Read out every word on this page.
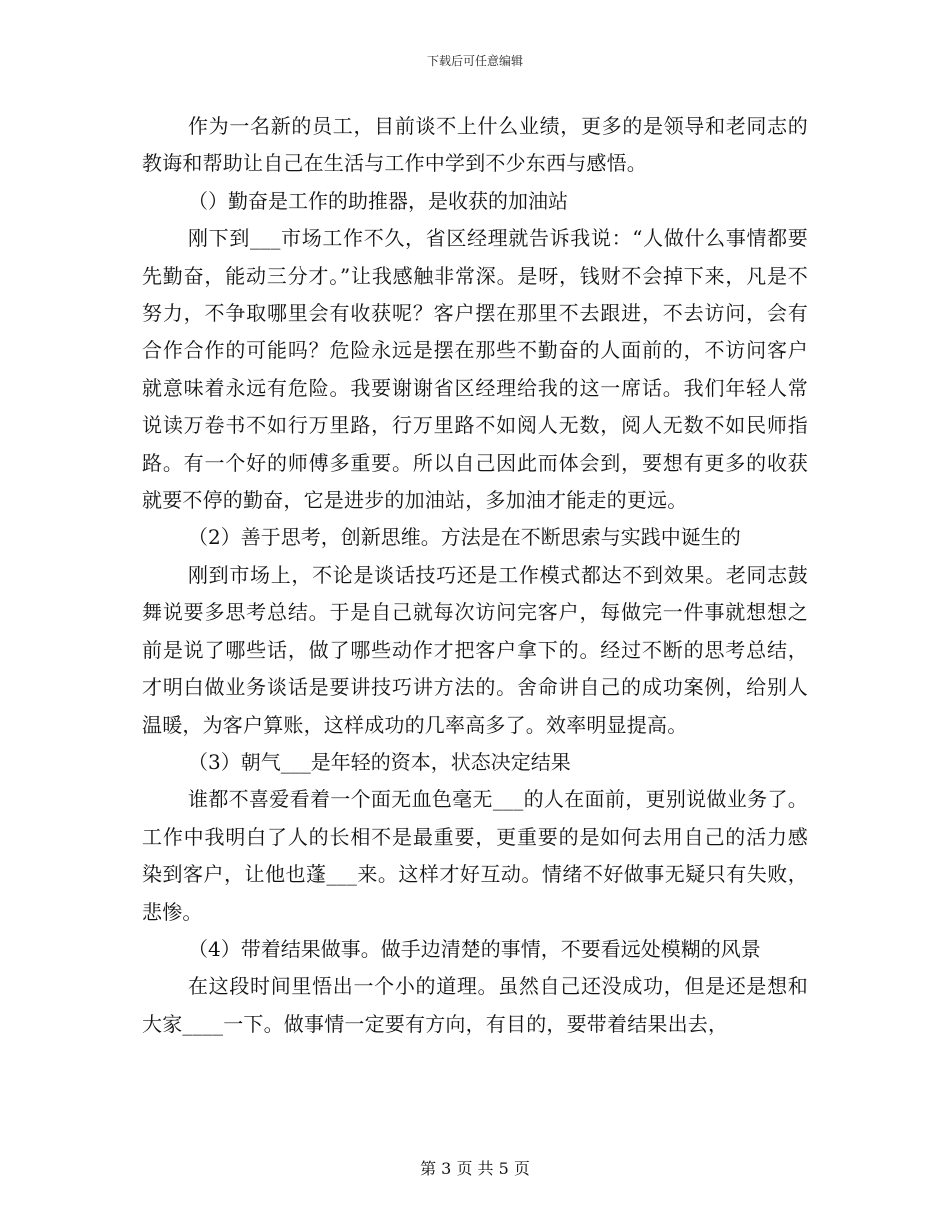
下载后可任意编辑

作为一名新的员工，目前谈不上什么业绩，更多的是领导和老同志的教诲和帮助让自己在生活与工作中学到不少东西与感悟。

（）勤奋是工作的助推器，是收获的加油站

刚下到___市场工作不久，省区经理就告诉我说：“人做什么事情都要先勤奋，能动三分才。”让我感触非常深。是呀，钱财不会掉下来，凡是不努力，不争取哪里会有收获呢？客户摆在那里不去跟进，不去访问，会有合作合作的可能吗？危险永远是摆在那些不勤奋的人面前的，不访问客户就意味着永远有危险。我要谢谢省区经理给我的这一席话。我们年轻人常说读万卷书不如行万里路，行万里路不如阅人无数，阅人无数不如民师指路。有一个好的师傅多重要。所以自己因此而体会到，要想有更多的收获就要不停的勤奋，它是进步的加油站，多加油才能走的更远。

（2）善于思考，创新思维。方法是在不断思索与实践中诞生的

刚到市场上，不论是谈话技巧还是工作模式都达不到效果。老同志鼓舞说要多思考总结。于是自己就每次访问完客户，每做完一件事就想想之前是说了哪些话，做了哪些动作才把客户拿下的。经过不断的思考总结，才明白做业务谈话是要讲技巧讲方法的。舍命讲自己的成功案例，给别人温暖，为客户算账，这样成功的几率高多了。效率明显提高。

（3）朝气___是年轻的资本，状态决定结果

谁都不喜爱看着一个面无血色毫无___的人在面前，更别说做业务了。工作中我明白了人的长相不是最重要，更重要的是如何去用自己的活力感染到客户，让他也蓬___来。这样才好互动。情绪不好做事无疑只有失败，悲惨。

（4）带着结果做事。做手边清楚的事情，不要看远处模糊的风景

在这段时间里悟出一个小的道理。虽然自己还没成功，但是还是想和大家____一下。做事情一定要有方向，有目的，要带着结果出去，

第 3 页 共 5 页
